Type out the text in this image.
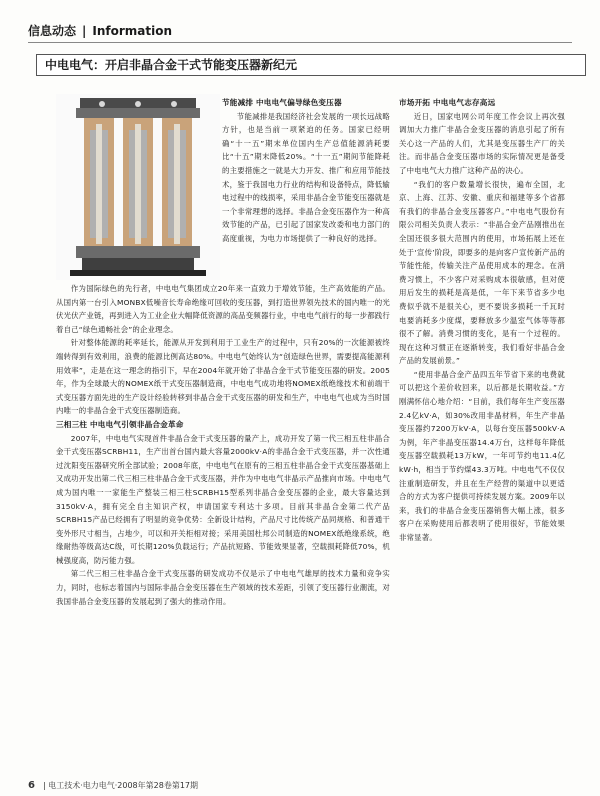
信息动态 | Information
中电电气：开启非晶合金干式节能变压器新纪元
节能减排 中电电气偏导绿色变压器

节能减排是我国经济社会发展的一项长远战略方针，也是当前一项紧迫的任务。国家已经明确“十一五”期末单位国内生产总值能源消耗要比“十五”期末降低20%。“十一五”期间节能降耗的主要措施之一就是大力开发、推广和应用节能技术，鉴于我国电力行业的结构和设备特点，降低输电过程中的线损率，采用非晶合金节能变压器就是一个非常理想的选择。非晶合金变压器作为一种高效节能的产品，已引起了国家发改委和电力部门的高度重视，为电力市场提供了一种良好的选择。

作为国际绿色的先行者，中电电气集团成立20年来一直致力于增效节能，生产高效能的产品。从国内第一台引入MONBX低噪音长寿命绝缘可回收的变压器，到打造世界领先技术的国内唯一的光伏光伏产业链，再到进入为工业企业大幅降低资源的高品变频器行业，中电电气前行的每一步都践行着自己“绿色通畅社会”的企业理念。

针对整体能源的耗率延长，能源从开发到利用于工业生产的过程中，只有20%的一次能源被终端转得到有效利用，浪费的能源比例高达80%。中电电气始终认为“创造绿色世界，需要提高能源利用效率”，走是在这一理念的指引下，早在2004年就开始了非晶合金干式节能变压器的研发。2005年，作为全球最大的NOMEX纸干式变压器制造商，中电电气成功地将NOMEX纸绝缘技术和前端干式变压器方面先进的生产设计经验转移到非晶合金干式变压器的研发和生产，中电电气也成为当时国内唯一的非晶合金干式变压器制造商。

三相三柱 中电电气引领非晶合金革命

2007年，中电电气实现首件非晶合金干式变压器的量产上，成功开发了第一代三相五柱非晶合金干式变压器SCRBH11，生产出首台国内最大容量2000kV·A的非晶合金干式变压器，并一次性通过沈阳变压器研究所全部试验；2008年底，中电电气在原有的三相五柱非晶合金干式变压器基础上又成功开发出第二代三相三柱非晶合金干式变压器，并作为中电电气非晶示产品推向市场。中电电气成为国内唯一一家能生产整装三相三柱SCRBH15型系列非晶合金变压器的企业，最大容量达到3150kV·A，拥有完全自主知识产权，申请国家专利达十多项。目前其非晶合金第二代产品SCRBH15产品已经拥有了明显的竞争优势：全新设计结构，产品尺寸比传统产品同规格、和普通干变外形尺寸相当，占地少，可以和开关柜相对接；采用美国杜邦公司制造的NOMEX纸绝缘系统，绝缘耐热等级高达C级，可长期120%负载运行；产品抗短路、节能效果显著，空载损耗降低70%，机械强度高，防污能力强。

第二代三相三柱非晶合金干式变压器的研发成功不仅是示了中电电气雄厚的技术力量和竞争实力，同时，也标志着国内与国际非晶合金变压器在生产领域的技术差距，引领了变压器行业潮流，对我国非晶合金变压器的发展起到了强大的推动作用。

市场开拓 中电电气志存高远

近日，国家电网公司年度工作会议上再次强调加大力推广非晶合金变压器的消息引起了所有关心这一产品的人们，尤其是变压器生产厂的关注。而非晶合金变压器市场的实际情况更是备受了中电电气大力推广这种产品的决心。

“我们的客户数量增长很快，遍布全国，北京、上海、江苏、安徽、重庆和福建等多个省都有我们的非晶合金变压器客户。”中电电气股份有限公司相关负责人表示：“非晶合金产品刚推出在全国还很多很大范围内的使用，市场拓展上还在处于‘宣传’阶段，即要多的是向客户宣传新产品的节能性能，传输关注产品使用成本的理念。在消费习惯上，不少客户对采购成本很敏感，但对使用后发生的损耗是高是低，一年下来节省多少电费似乎就不是很关心，更不要说多损耗一千瓦时电要消耗多少度煤，要释放多少温室气体等等都很不了解。消费习惯的变化，是有一个过程的。现在这种习惯正在逐渐转变，我们看好非晶合金产品的发展前景。”

“使用非晶合金产品四五年节省下来的电费就可以把这个差价收回来，以后都是长期收益。”方刚满怀信心地介绍：“目前，我们每年生产变压器2.4亿kV·A，如30%改用非晶材料，年生产非晶变压器约7200万kV·A，以每台变压器500kV·A为例，年产非晶变压器14.4万台，这样每年降低变压器空载损耗13万kW，一年可节约电11.4亿kW·h，相当于节约煤43.3万吨。中电电气不仅仅注重制造研发，并且在生产经营的渠道中以更适合的方式为客户提供可持续发展方案。2009年以来，我们的非晶合金变压器销售大幅上涨，很多客户在采购使用后都表明了使用很好，节能效果非常显著。

6 | 电工技术·电力电气·2008年第28卷第17期
